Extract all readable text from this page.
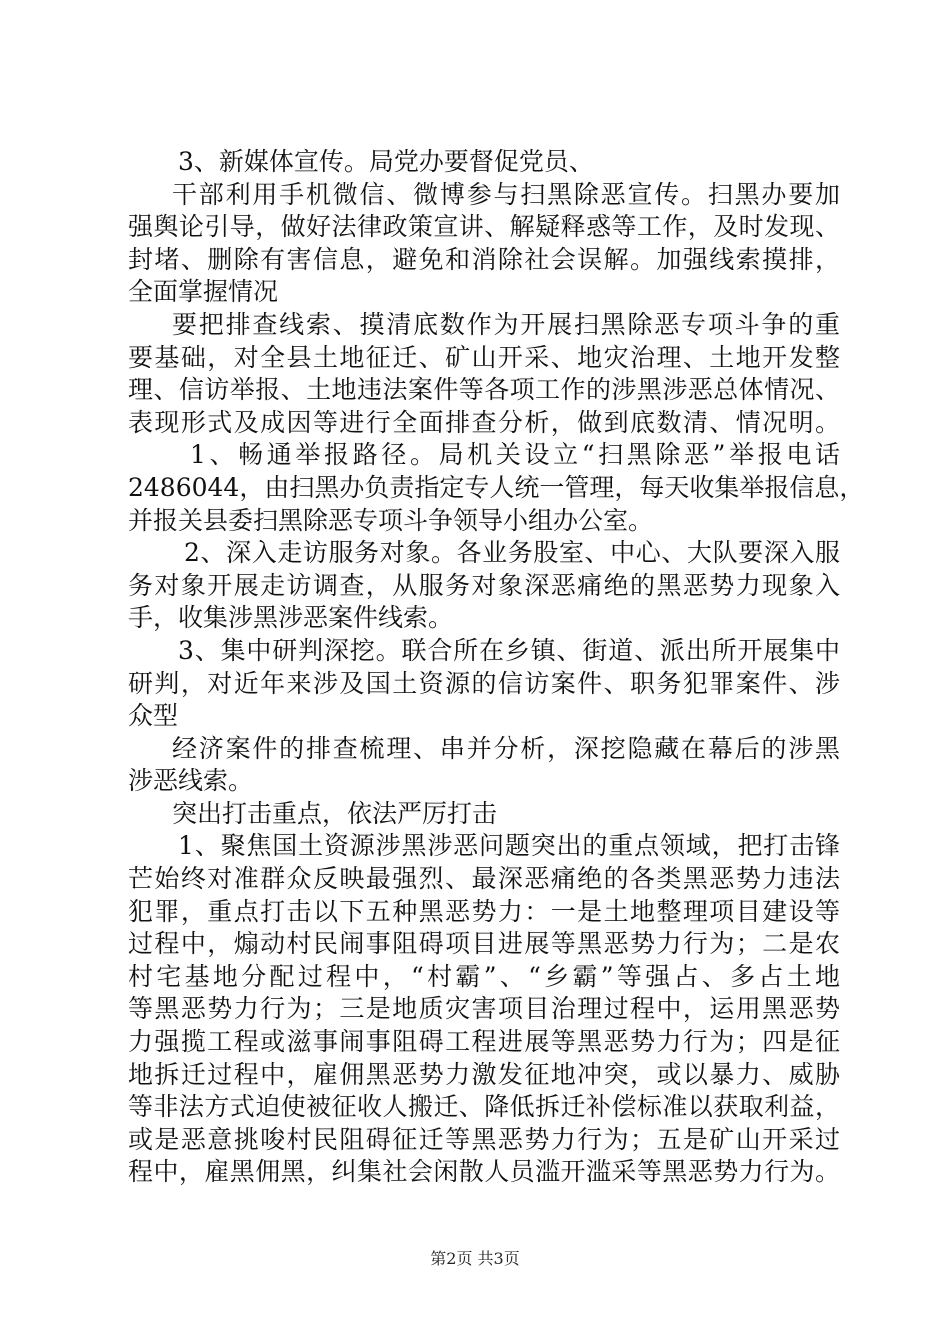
3、新媒体宣传。局党办要督促党员、
干部利用手机微信、微博参与扫黑除恶宣传。扫黑办要加
强舆论引导，做好法律政策宣讲、解疑释惑等工作，及时发现、
封堵、删除有害信息，避免和消除社会误解。加强线索摸排，
全面掌握情况
要把排查线索、摸清底数作为开展扫黑除恶专项斗争的重
要基础，对全县土地征迁、矿山开采、地灾治理、土地开发整
理、信访举报、土地违法案件等各项工作的涉黑涉恶总体情况、
表现形式及成因等进行全面排查分析，做到底数清、情况明。
1、畅通举报路径。局机关设立“扫黑除恶”举报电话
2486044，由扫黑办负责指定专人统一管理，每天收集举报信息，
并报关县委扫黑除恶专项斗争领导小组办公室。
2、深入走访服务对象。各业务股室、中心、大队要深入服
务对象开展走访调查，从服务对象深恶痛绝的黑恶势力现象入
手，收集涉黑涉恶案件线索。
3、集中研判深挖。联合所在乡镇、街道、派出所开展集中
研判，对近年来涉及国土资源的信访案件、职务犯罪案件、涉
众型
经济案件的排查梳理、串并分析，深挖隐藏在幕后的涉黑
涉恶线索。
突出打击重点，依法严厉打击
1、聚焦国土资源涉黑涉恶问题突出的重点领域，把打击锋
芒始终对准群众反映最强烈、最深恶痛绝的各类黑恶势力违法
犯罪，重点打击以下五种黑恶势力：一是土地整理项目建设等
过程中，煽动村民闹事阻碍项目进展等黑恶势力行为；二是农
村宅基地分配过程中，“村霸”、“乡霸”等强占、多占土地
等黑恶势力行为；三是地质灾害项目治理过程中，运用黑恶势
力强揽工程或滋事闹事阻碍工程进展等黑恶势力行为；四是征
地拆迁过程中，雇佣黑恶势力激发征地冲突，或以暴力、威胁
等非法方式迫使被征收人搬迁、降低拆迁补偿标准以获取利益，
或是恶意挑唆村民阻碍征迁等黑恶势力行为；五是矿山开采过
程中，雇黑佣黑，纠集社会闲散人员滥开滥采等黑恶势力行为。
第2页 共3页
